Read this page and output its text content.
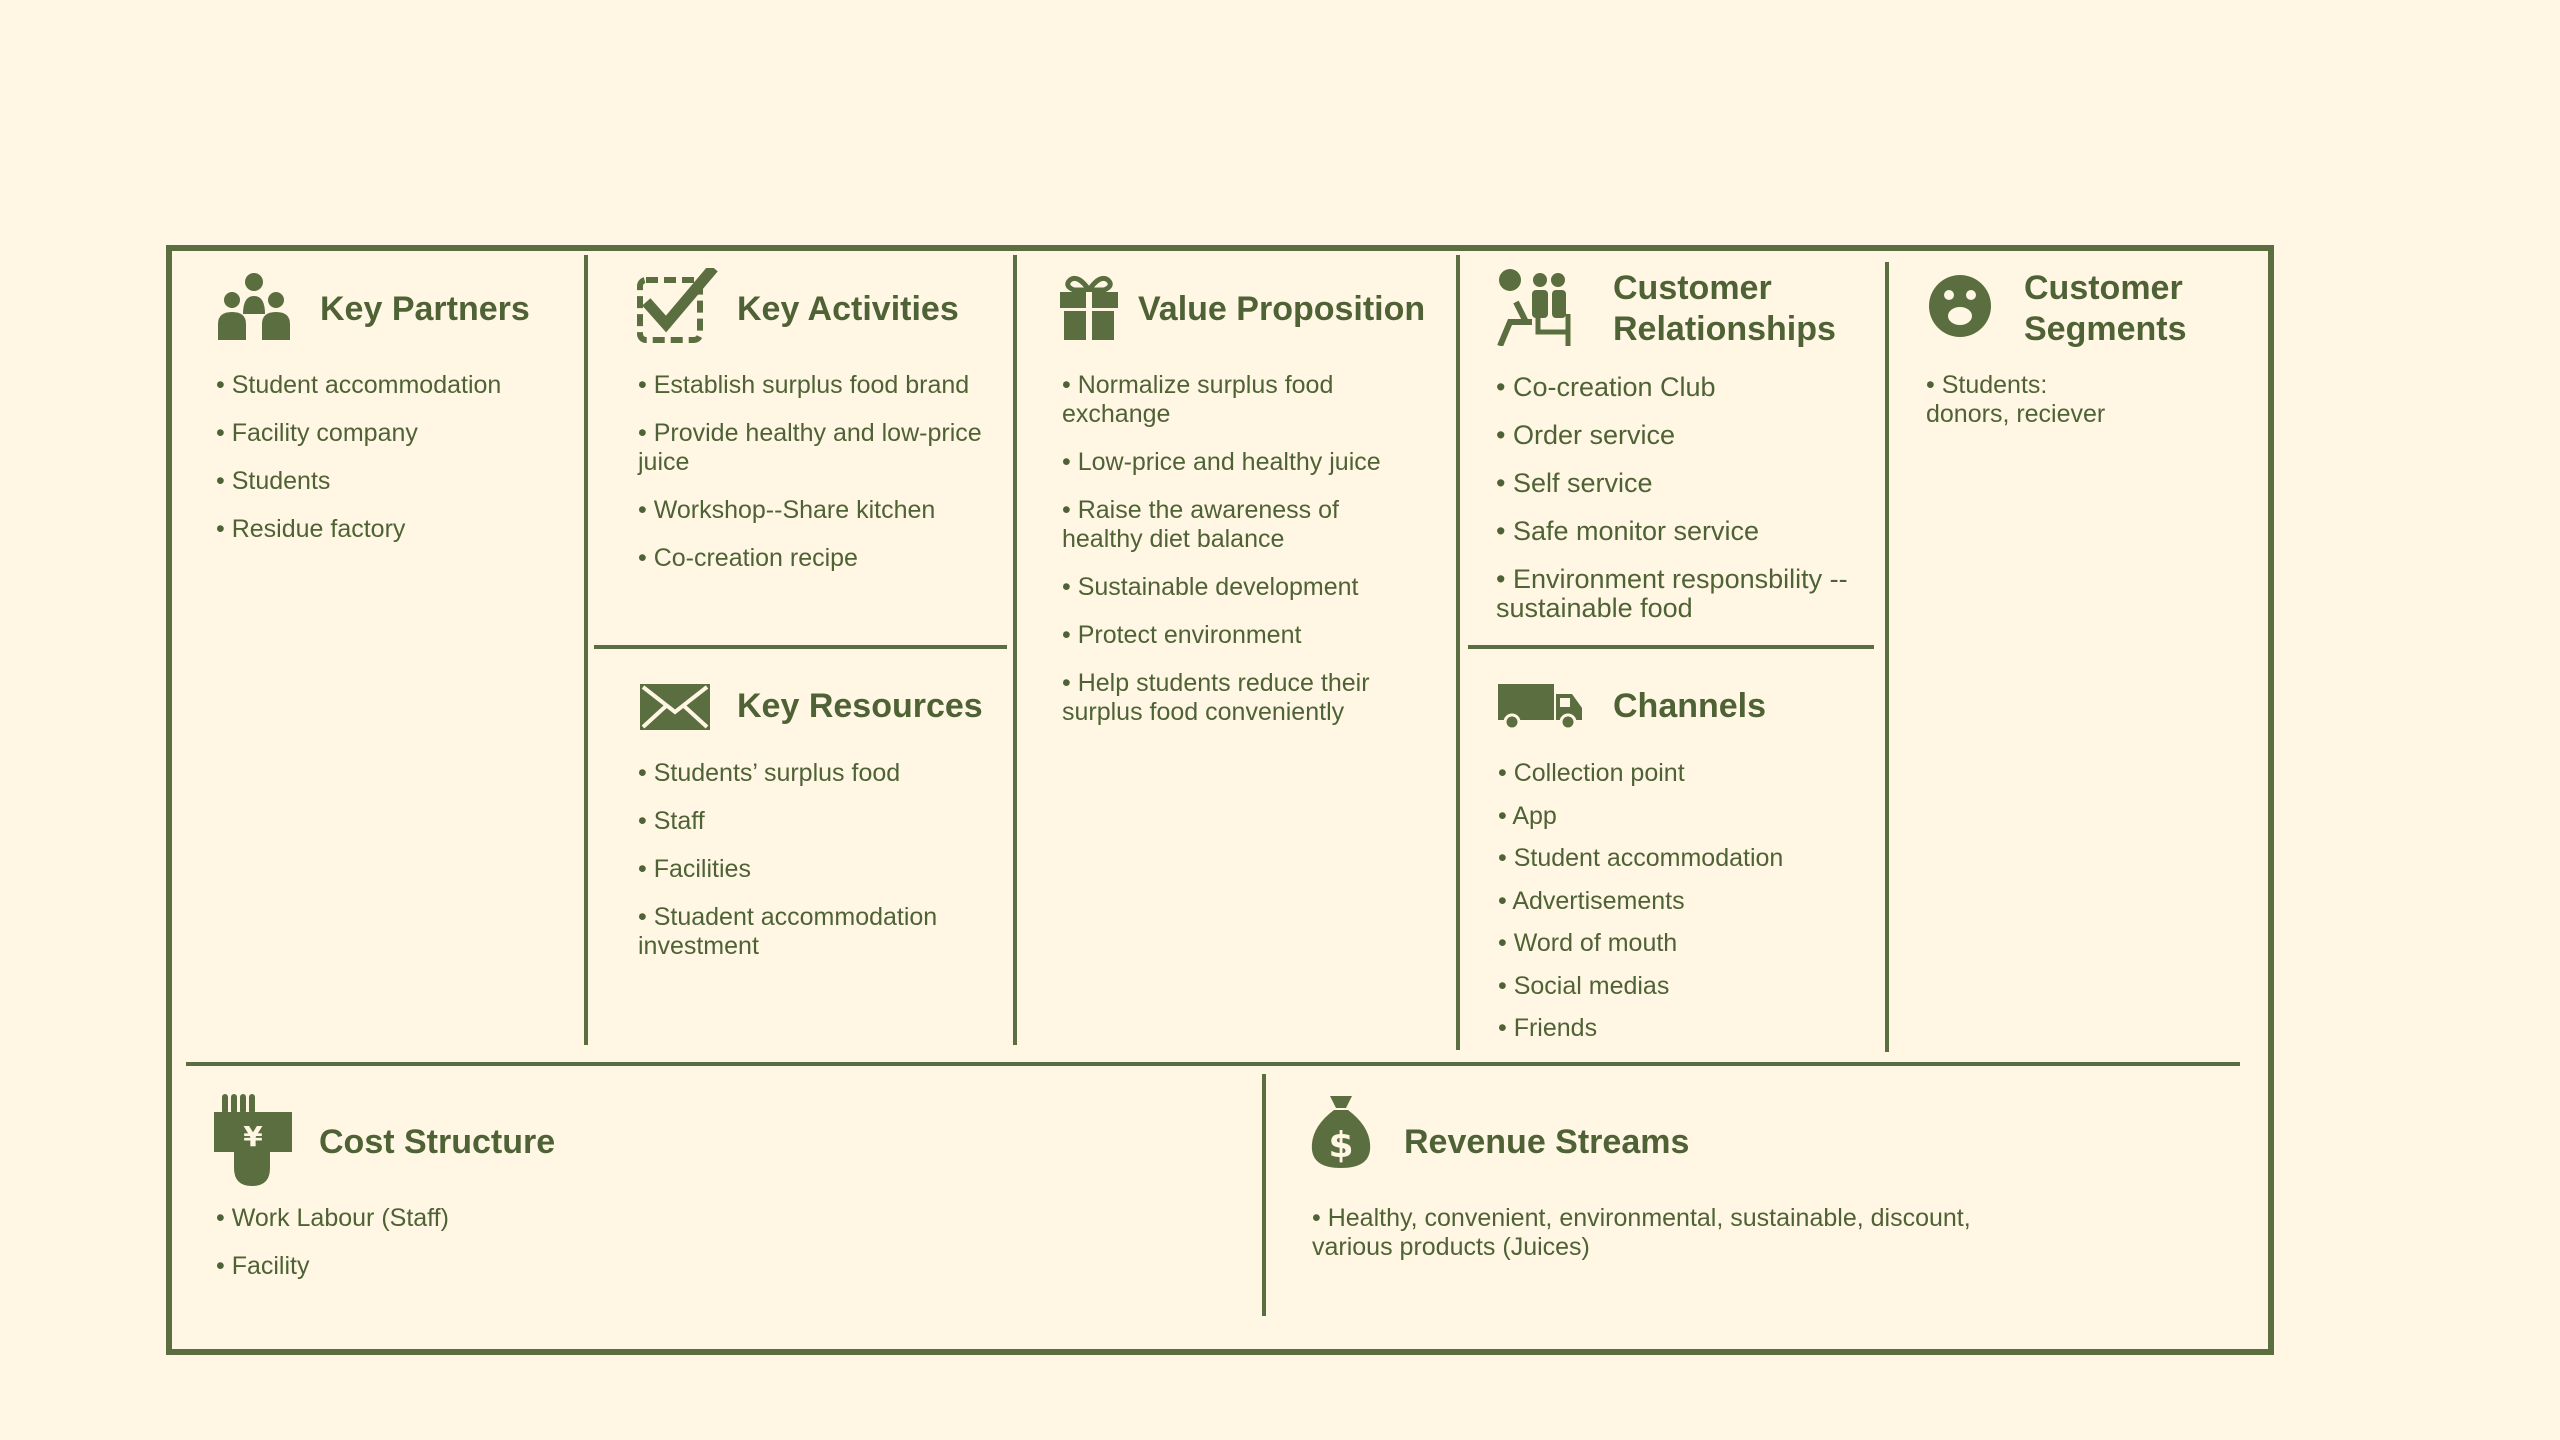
Key Partners
• Student accommodation
• Facility company
• Students
• Residue factory
Key Activities
• Establish surplus food brand
• Provide healthy and low-price juice
• Workshop--Share kitchen
• Co-creation recipe
Key Resources
• Students’ surplus food
• Staff
• Facilities
• Stuadent accommodation investment
Value Proposition
• Normalize surplus food exchange
• Low-price and healthy juice
• Raise the awareness of healthy diet balance
• Sustainable development
• Protect environment
• Help students reduce their surplus food conveniently
Customer Relationships
• Co-creation Club
• Order service
• Self service
• Safe monitor service
• Environment responsbility --sustainable food
Channels
• Collection point
• App
• Student accommodation
• Advertisements
• Word of mouth
• Social medias
• Friends
Customer Segments
• Students: donors, reciever
¥ Cost Structure
• Work Labour (Staff)
• Facility
$ Revenue Streams
• Healthy, convenient, environmental, sustainable, discount, various products (Juices)
